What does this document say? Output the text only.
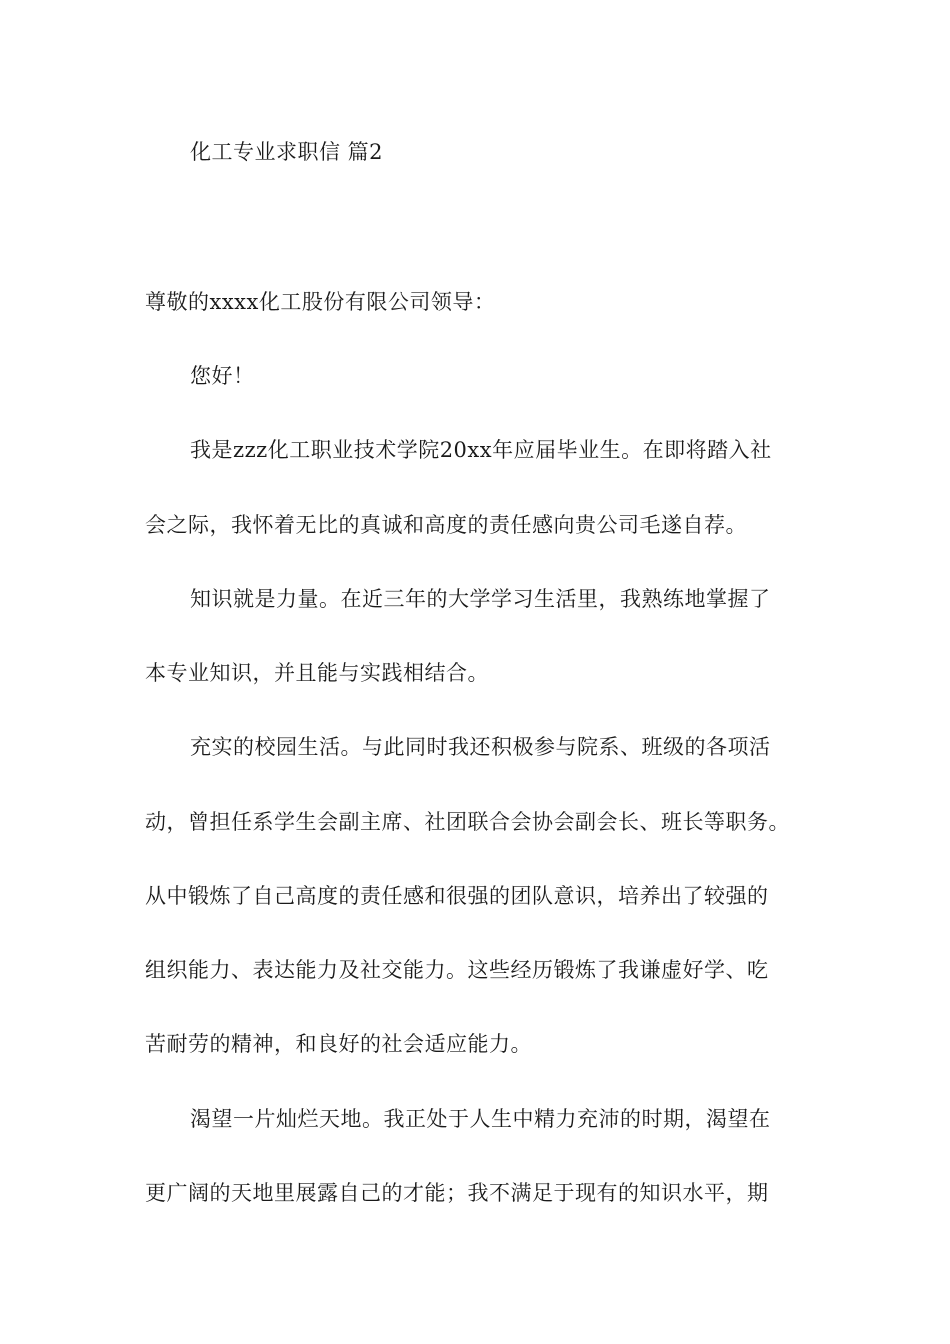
化工专业求职信 篇2
尊敬的xxxx化工股份有限公司领导：
您好！
我是zzz化工职业技术学院20xx年应届毕业生。在即将踏入社
会之际，我怀着无比的真诚和高度的责任感向贵公司毛遂自荐。
知识就是力量。在近三年的大学学习生活里，我熟练地掌握了
本专业知识，并且能与实践相结合。
充实的校园生活。与此同时我还积极参与院系、班级的各项活
动，曾担任系学生会副主席、社团联合会协会副会长、班长等职务。
从中锻炼了自己高度的责任感和很强的团队意识，培养出了较强的
组织能力、表达能力及社交能力。这些经历锻炼了我谦虚好学、吃
苦耐劳的精神，和良好的社会适应能力。
渴望一片灿烂天地。我正处于人生中精力充沛的时期，渴望在
更广阔的天地里展露自己的才能；我不满足于现有的知识水平，期
